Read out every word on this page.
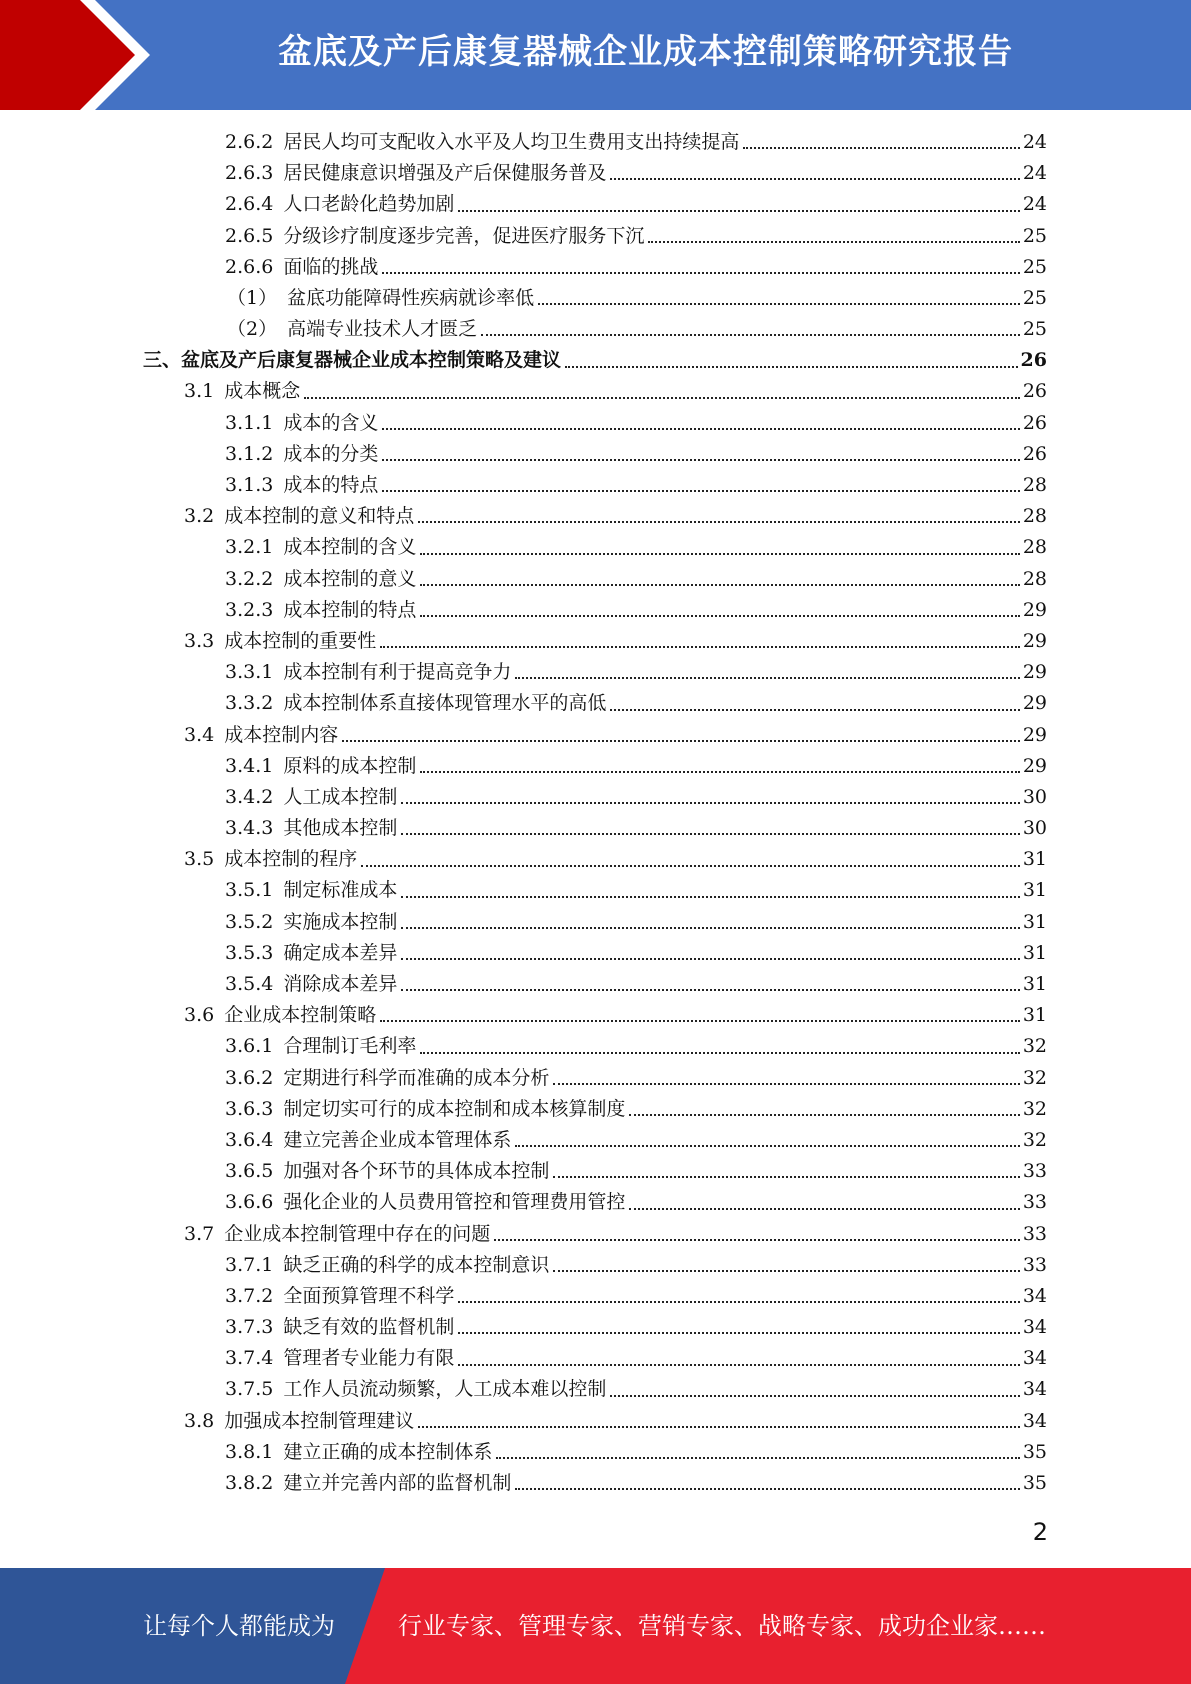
盆底及产后康复器械企业成本控制策略研究报告
2.6.2 居民人均可支配收入水平及人均卫生费用支出持续提高	24
2.6.3 居民健康意识增强及产后保健服务普及	24
2.6.4 人口老龄化趋势加剧	24
2.6.5 分级诊疗制度逐步完善，促进医疗服务下沉	25
2.6.6 面临的挑战	25
（1） 盆底功能障碍性疾病就诊率低	25
（2） 高端专业技术人才匮乏	25
三、盆底及产后康复器械企业成本控制策略及建议	26
3.1 成本概念	26
3.1.1 成本的含义	26
3.1.2 成本的分类	26
3.1.3 成本的特点	28
3.2 成本控制的意义和特点	28
3.2.1 成本控制的含义	28
3.2.2 成本控制的意义	28
3.2.3 成本控制的特点	29
3.3 成本控制的重要性	29
3.3.1 成本控制有利于提高竞争力	29
3.3.2 成本控制体系直接体现管理水平的高低	29
3.4 成本控制内容	29
3.4.1 原料的成本控制	29
3.4.2 人工成本控制	30
3.4.3 其他成本控制	30
3.5 成本控制的程序	31
3.5.1 制定标准成本	31
3.5.2 实施成本控制	31
3.5.3 确定成本差异	31
3.5.4 消除成本差异	31
3.6 企业成本控制策略	31
3.6.1 合理制订毛利率	32
3.6.2 定期进行科学而准确的成本分析	32
3.6.3 制定切实可行的成本控制和成本核算制度	32
3.6.4 建立完善企业成本管理体系	32
3.6.5 加强对各个环节的具体成本控制	33
3.6.6 强化企业的人员费用管控和管理费用管控	33
3.7 企业成本控制管理中存在的问题	33
3.7.1 缺乏正确的科学的成本控制意识	33
3.7.2 全面预算管理不科学	34
3.7.3 缺乏有效的监督机制	34
3.7.4 管理者专业能力有限	34
3.7.5 工作人员流动频繁，人工成本难以控制	34
3.8 加强成本控制管理建议	34
3.8.1 建立正确的成本控制体系	35
3.8.2 建立并完善内部的监督机制	35
2
让每个人都能成为	行业专家、管理专家、营销专家、战略专家、成功企业家……
